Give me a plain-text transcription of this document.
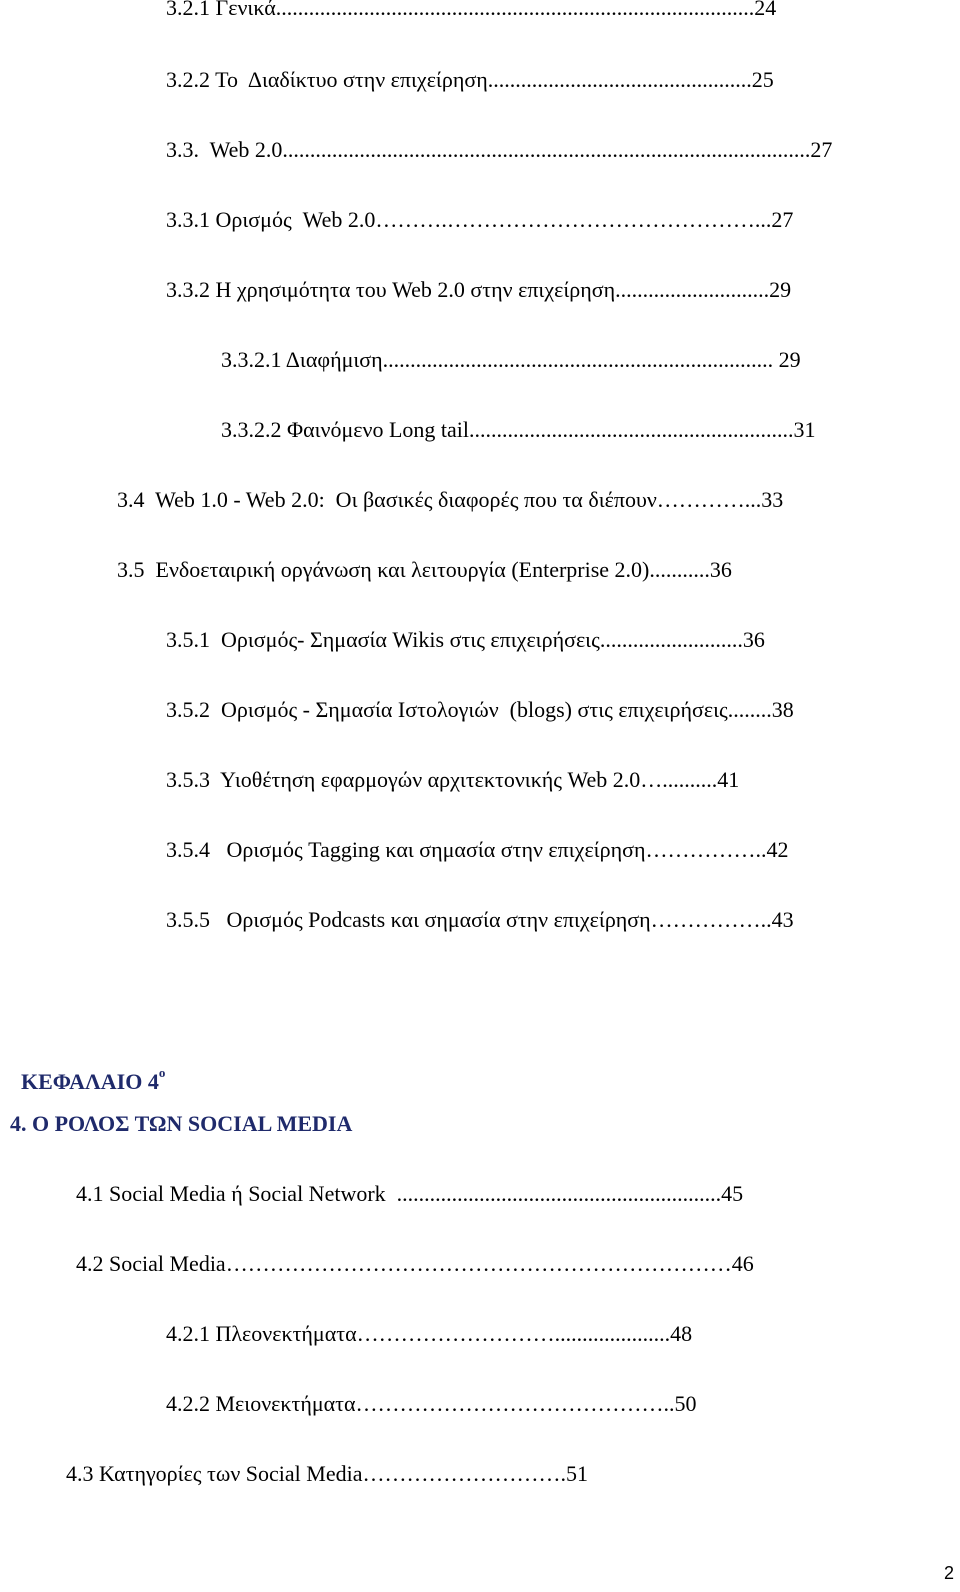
3.2.1 Γενικά.......................................................................................24
3.2.2 Το  Διαδίκτυο στην επιχείρηση................................................25
3.3.  Web 2.0................................................................................................27
3.3.1 Ορισμός  Web 2.0……….……………………………………...27
3.3.2 Η χρησιμότητα του Web 2.0 στην επιχείρηση............................29
3.3.2.1 Διαφήμιση....................................................................... 29
3.3.2.2 Φαινόμενο Long tail...........................................................31
3.4  Web 1.0 - Web 2.0:  Οι βασικές διαφορές που τα διέπουν…………...33
3.5  Ενδοεταιρική οργάνωση και λειτουργία (Enterprise 2.0)...........36
3.5.1  Ορισμός- Σημασία Wikis στις επιχειρήσεις..........................36
3.5.2  Ορισμός - Σημασία Ιστολογιών  (blogs) στις επιχειρήσεις........38
3.5.3  Υιοθέτηση εφαρμογών αρχιτεκτονικής Web 2.0…..........41
3.5.4   Ορισμός Tagging και σημασία στην επιχείρηση……………..42
3.5.5   Ορισμός Podcasts και σημασία στην επιχείρηση……………..43

ΚΕΦΑΛΑΙΟ $4^o$

4. Ο ΡΟΛΟΣ ΤΩΝ SOCIAL MEDIA
4.1 Social Media ή Social Network  ...........................................................45
4.2 Social Media……………………………………………………………46
4.2.1 Πλεονεκτήματα……………………….....................48
4.2.2 Μειονεκτήματα……………………………………..50
4.3 Κατηγορίες των Social Media……………………….51
2
